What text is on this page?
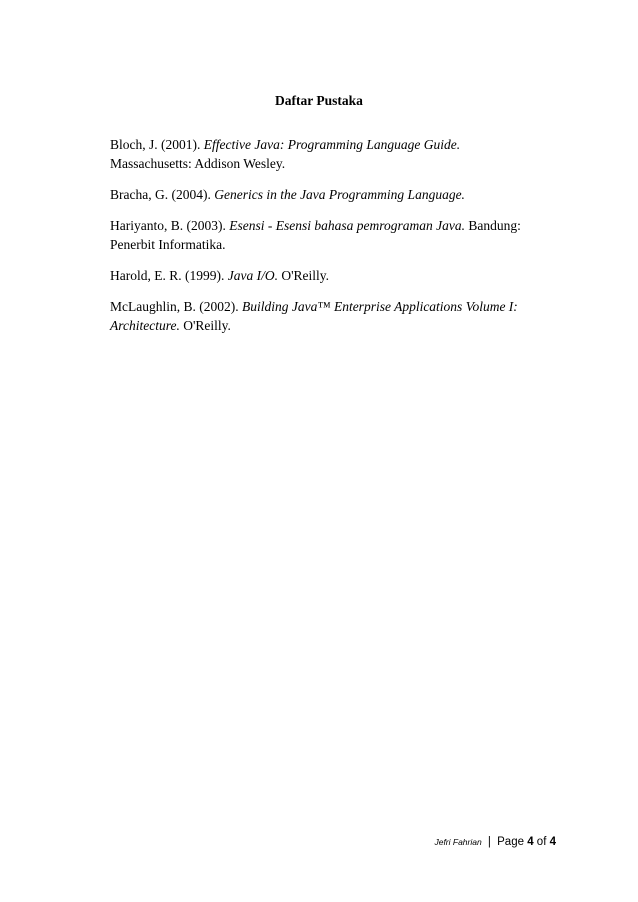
Daftar Pustaka

Bloch, J. (2001). Effective Java: Programming Language Guide. Massachusetts: Addison Wesley.

Bracha, G. (2004). Generics in the Java Programming Language.

Hariyanto, B. (2003). Esensi - Esensi bahasa pemrograman Java. Bandung: Penerbit Informatika.

Harold, E. R. (1999). Java I/O. O'Reilly.

McLaughlin, B. (2002). Building Java™ Enterprise Applications Volume I: Architecture. O'Reilly.

Jefri Fahrian | Page 4 of 4
